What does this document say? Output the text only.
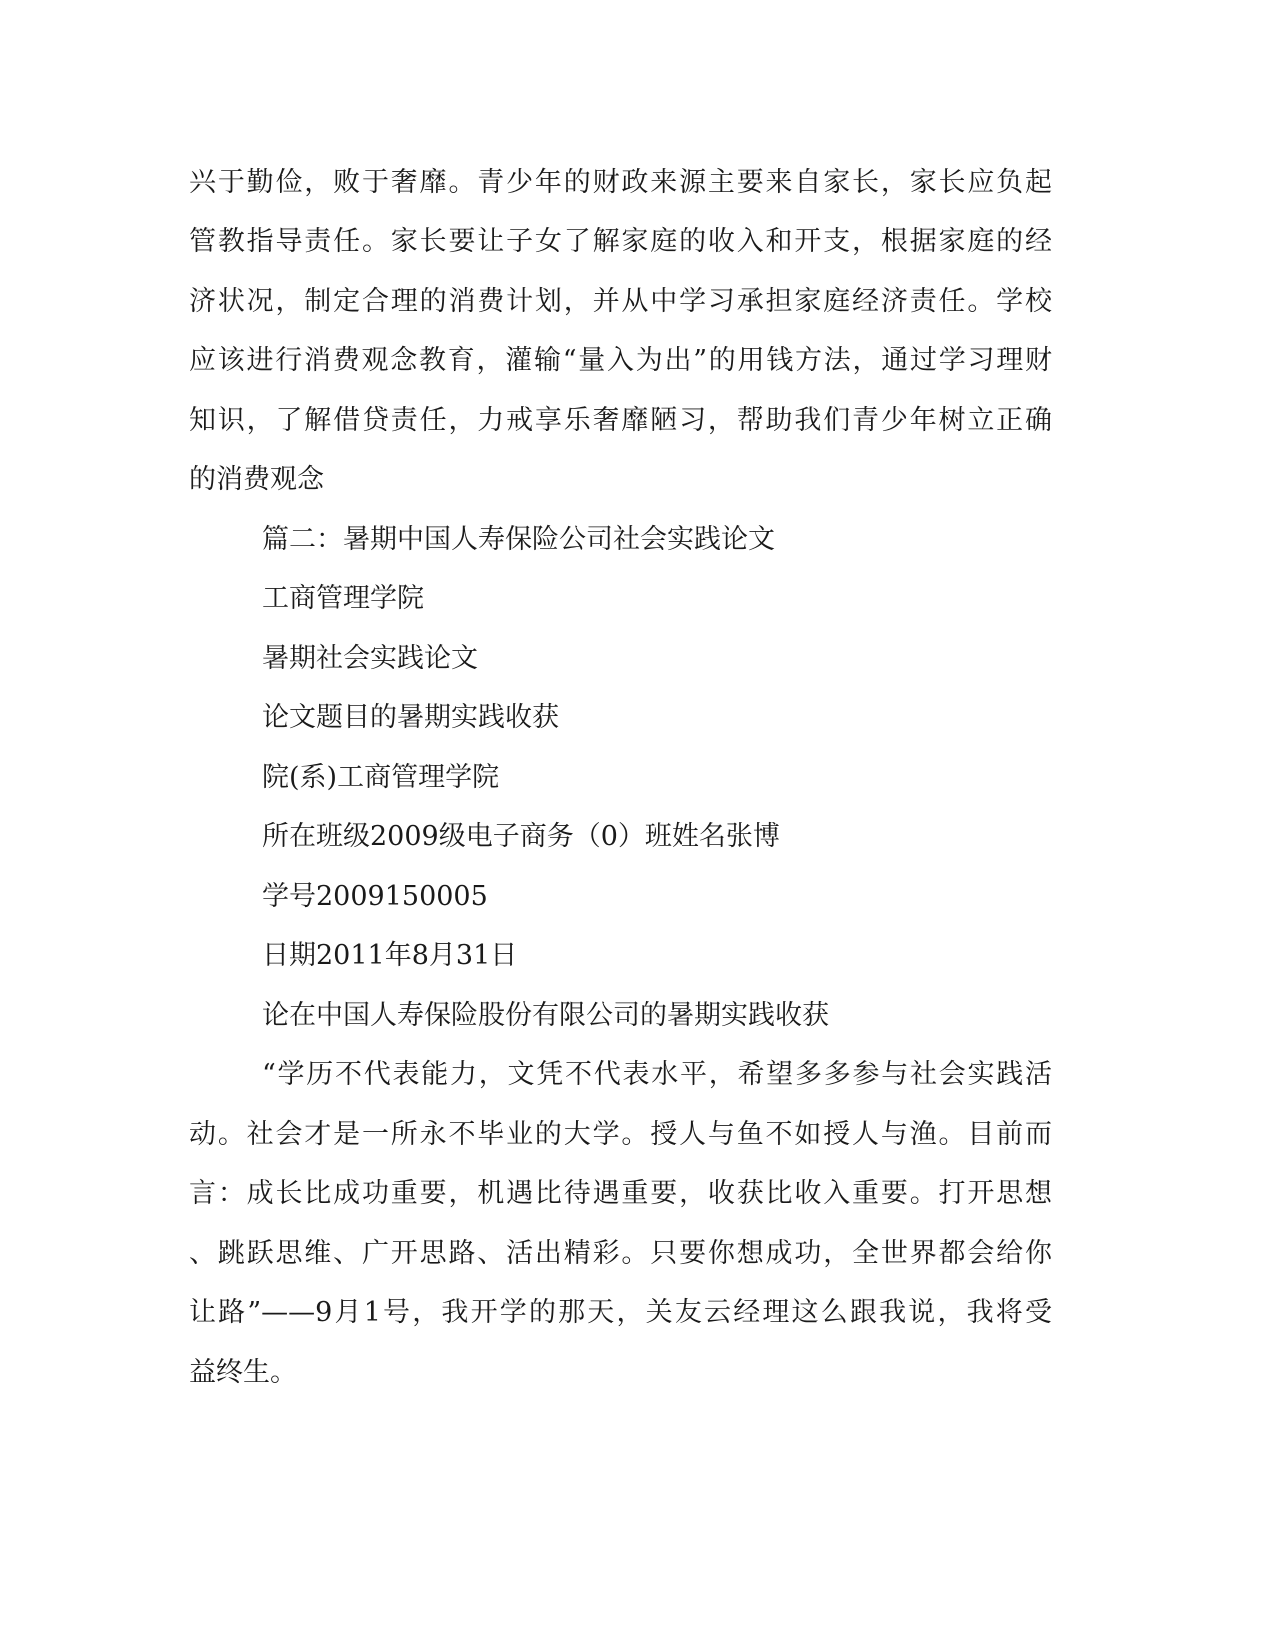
兴于勤俭，败于奢靡。青少年的财政来源主要来自家长，家长应负起
管教指导责任。家长要让子女了解家庭的收入和开支，根据家庭的经
济状况，制定合理的消费计划，并从中学习承担家庭经济责任。学校
应该进行消费观念教育，灌输“量入为出”的用钱方法，通过学习理财
知识，了解借贷责任，力戒享乐奢靡陋习，帮助我们青少年树立正确
的消费观念
篇二：暑期中国人寿保险公司社会实践论文
工商管理学院
暑期社会实践论文
论文题目的暑期实践收获
院(系)工商管理学院
所在班级2009级电子商务（0）班姓名张博
学号2009150005
日期2011年8月31日
论在中国人寿保险股份有限公司的暑期实践收获
“学历不代表能力，文凭不代表水平，希望多多参与社会实践活
动。社会才是一所永不毕业的大学。授人与鱼不如授人与渔。目前而
言：成长比成功重要，机遇比待遇重要，收获比收入重要。打开思想
、跳跃思维、广开思路、活出精彩。只要你想成功，全世界都会给你
让路”——9月1号，我开学的那天，关友云经理这么跟我说，我将受
益终生。
